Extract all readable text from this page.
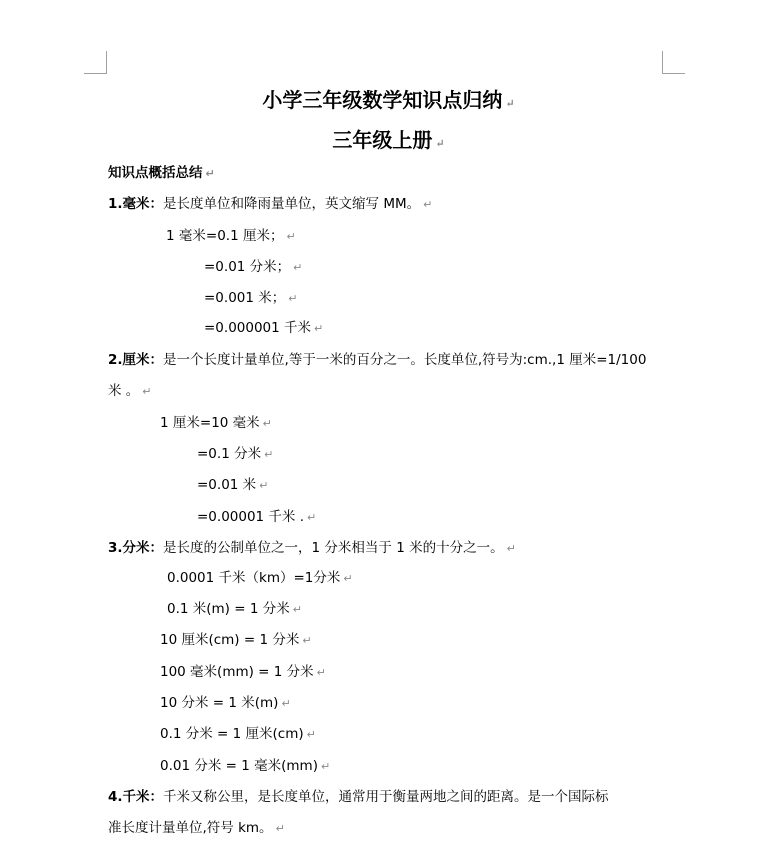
小学三年级数学知识点归纳 ↵
三年级上册 ↵
知识点概括总结 ↵
1.毫米：是长度单位和降雨量单位，英文缩写 MM。 ↵
1 毫米=0.1 厘米； ↵
=0.01 分米； ↵
=0.001 米； ↵
=0.000001 千米 ↵
2.厘米：是一个长度计量单位,等于一米的百分之一。长度单位,符号为:cm.,1 厘米=1/100
米 。 ↵
1 厘米=10 毫米 ↵
=0.1 分米 ↵
=0.01 米 ↵
=0.00001 千米 . ↵
3.分米：是长度的公制单位之一，1 分米相当于 1 米的十分之一。 ↵
0.0001 千米（km）=1分米 ↵
0.1 米(m) = 1 分米 ↵
10 厘米(cm) = 1 分米 ↵
100 毫米(mm) = 1 分米 ↵
10 分米 = 1 米(m) ↵
0.1 分米 = 1 厘米(cm) ↵
0.01 分米 = 1 毫米(mm) ↵
4.千米：千米又称公里，是长度单位，通常用于衡量两地之间的距离。是一个国际标
准长度计量单位,符号 km。 ↵
